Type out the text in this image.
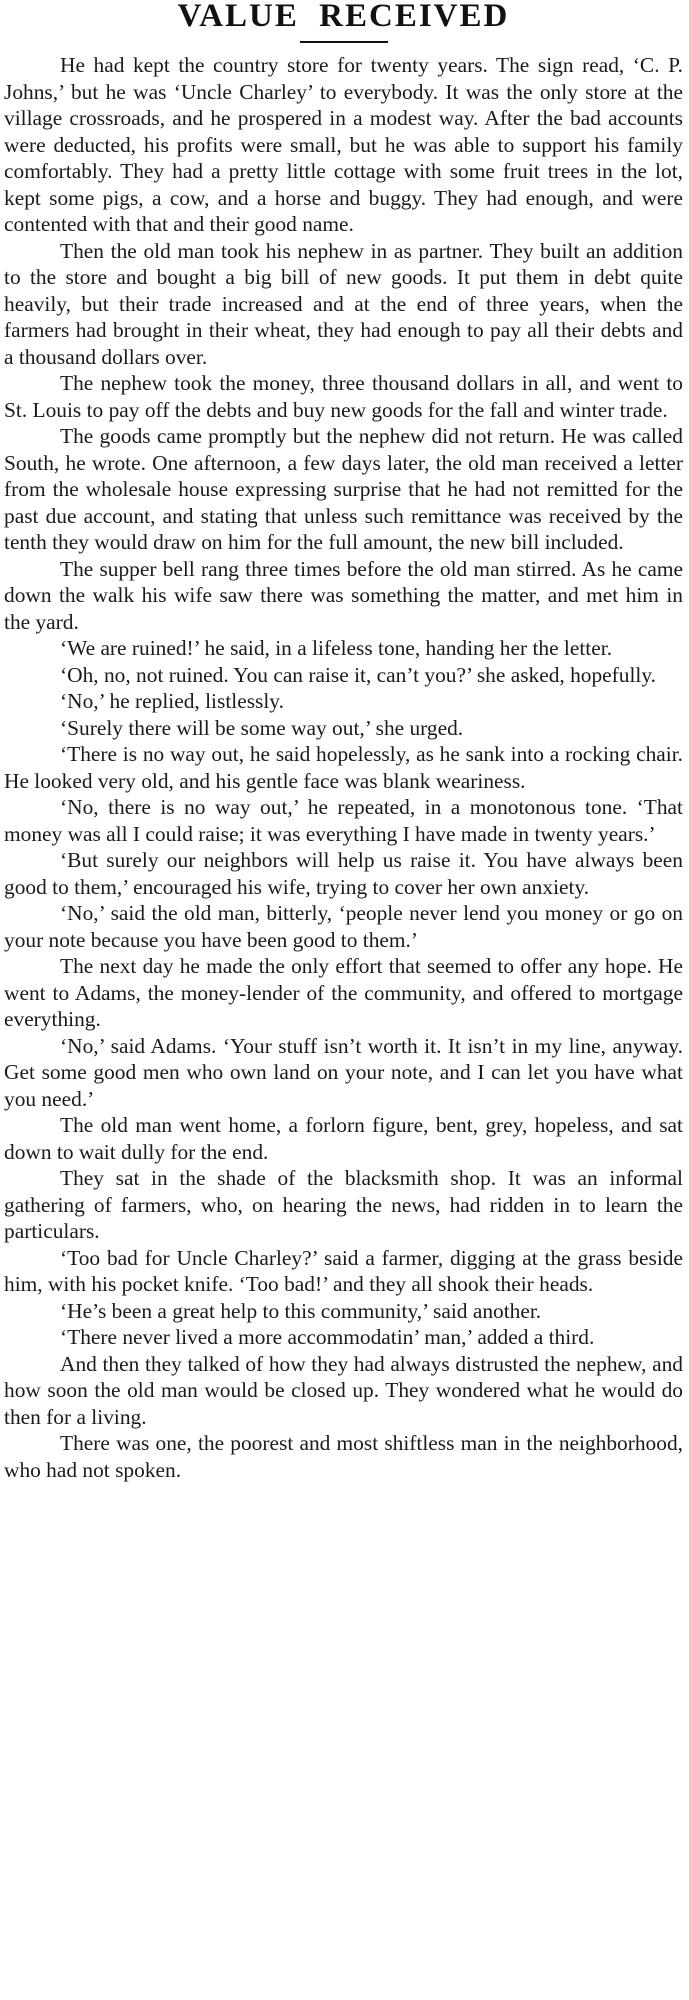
VALUE RECEIVED

He had kept the country store for twenty years. The sign read, ‘C. P. Johns,’ but he was ‘Uncle Charley’ to everybody. It was the only store at the village crossroads, and he prospered in a modest way. After the bad accounts were deducted, his profits were small, but he was able to support his family comfortably. They had a pretty little cottage with some fruit trees in the lot, kept some pigs, a cow, and a horse and buggy. They had enough, and were contented with that and their good name.

Then the old man took his nephew in as partner. They built an addition to the store and bought a big bill of new goods. It put them in debt quite heavily, but their trade increased and at the end of three years, when the farmers had brought in their wheat, they had enough to pay all their debts and a thousand dollars over.

The nephew took the money, three thousand dollars in all, and went to St. Louis to pay off the debts and buy new goods for the fall and winter trade.

The goods came promptly but the nephew did not return. He was called South, he wrote. One afternoon, a few days later, the old man received a letter from the wholesale house expressing surprise that he had not remitted for the past due account, and stating that unless such remittance was received by the tenth they would draw on him for the full amount, the new bill included.

The supper bell rang three times before the old man stirred. As he came down the walk his wife saw there was something the matter, and met him in the yard.

‘We are ruined!’ he said, in a lifeless tone, handing her the letter.

‘Oh, no, not ruined. You can raise it, can’t you?’ she asked, hopefully.

‘No,’ he replied, listlessly.

‘Surely there will be some way out,’ she urged.

‘There is no way out, he said hopelessly, as he sank into a rocking chair. He looked very old, and his gentle face was blank weariness.

‘No, there is no way out,’ he repeated, in a monotonous tone. ‘That money was all I could raise; it was everything I have made in twenty years.’

‘But surely our neighbors will help us raise it. You have always been good to them,’ encouraged his wife, trying to cover her own anxiety.

‘No,’ said the old man, bitterly, ‘people never lend you money or go on your note because you have been good to them.’

The next day he made the only effort that seemed to offer any hope. He went to Adams, the money-lender of the community, and offered to mortgage everything.

‘No,’ said Adams. ‘Your stuff isn’t worth it. It isn’t in my line, anyway. Get some good men who own land on your note, and I can let you have what you need.’

The old man went home, a forlorn figure, bent, grey, hopeless, and sat down to wait dully for the end.

They sat in the shade of the blacksmith shop. It was an informal gathering of farmers, who, on hearing the news, had ridden in to learn the particulars.

‘Too bad for Uncle Charley?’ said a farmer, digging at the grass beside him, with his pocket knife. ‘Too bad!’ and they all shook their heads.

‘He’s been a great help to this community,’ said another.

‘There never lived a more accommodatin’ man,’ added a third.

And then they talked of how they had always distrusted the nephew, and how soon the old man would be closed up. They wondered what he would do then for a living.

There was one, the poorest and most shiftless man in the neighborhood, who had not spoken.
